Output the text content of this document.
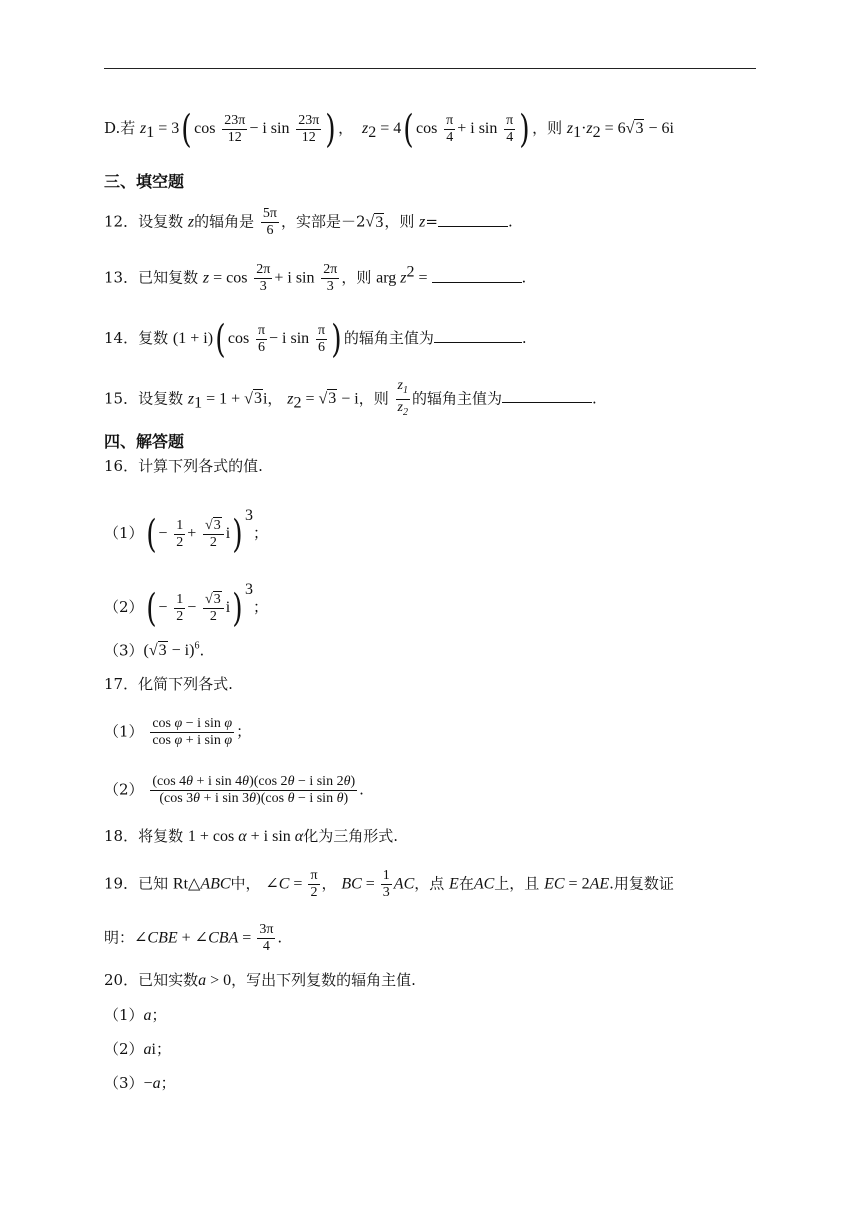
D.若 $z_1 = 3$( $\cos \frac{23\pi}{12} - i$ $\sin \frac{23\pi}{12}$ ) ，  $z_2 = 4$( $\cos \frac{\pi}{4} + i$ $\sin \frac{\pi}{4}$ ) ，则 $z_1\cdot z_2 = 6√3 - 6i$
三、填空题
12．设复数 z的辐角是 $\frac{5\pi}{6}$ ，实部是－2√3，则 z=	.
13．已知复数 $z = \cos \frac{2\pi}{3} + i$ $\sin \frac{2\pi}{3}$ ，则 arg $z^2$ =	.
14．复数 (1 + i)( $\cos \frac{\pi}{6} - i$ $\sin \frac{\pi}{6}$ ) 的辐角主值为	.
15．设复数 $z_1 = 1 + √3i$， $z_2 = √3 - i$，则 $\frac{z_1}{z_2}$ 的辐角主值为	.
四、解答题
16．计算下列各式的值.
$(1)( - \frac{1}{2} + \frac{√3}{2} i)$ $^3$；
$(2)( - \frac{1}{2} - \frac{√3}{2} i)$ $^3$；
$(3)(√3 - i)^6$.
17．化简下列各式.
$(1) \frac{\text{cos φ − i sin φ}}{\text{cos φ + i sin φ}}$ ；
$(2) \frac{\text{(cos 4θ + i sin 4θ)(cos 2θ − i sin 2θ)}}{\text{(cos 3θ + i sin 3θ)(cos θ − i sin θ)}}$ .
18．将复数 1 + cos α + i sin α化为三角形式.
19．已知 Rt△ABC中， ∠C = $\frac{\pi}{2}$ ， BC = $\frac{1}{3}$ AC，点 E在AC上，且 EC = 2AE.用复数证
明：∠CBE + ∠CBA = $\frac{3\pi}{4}$ .
20．已知实数a > 0，写出下列复数的辐角主值.
（1）a；
（2）ai；
（3）−a；
